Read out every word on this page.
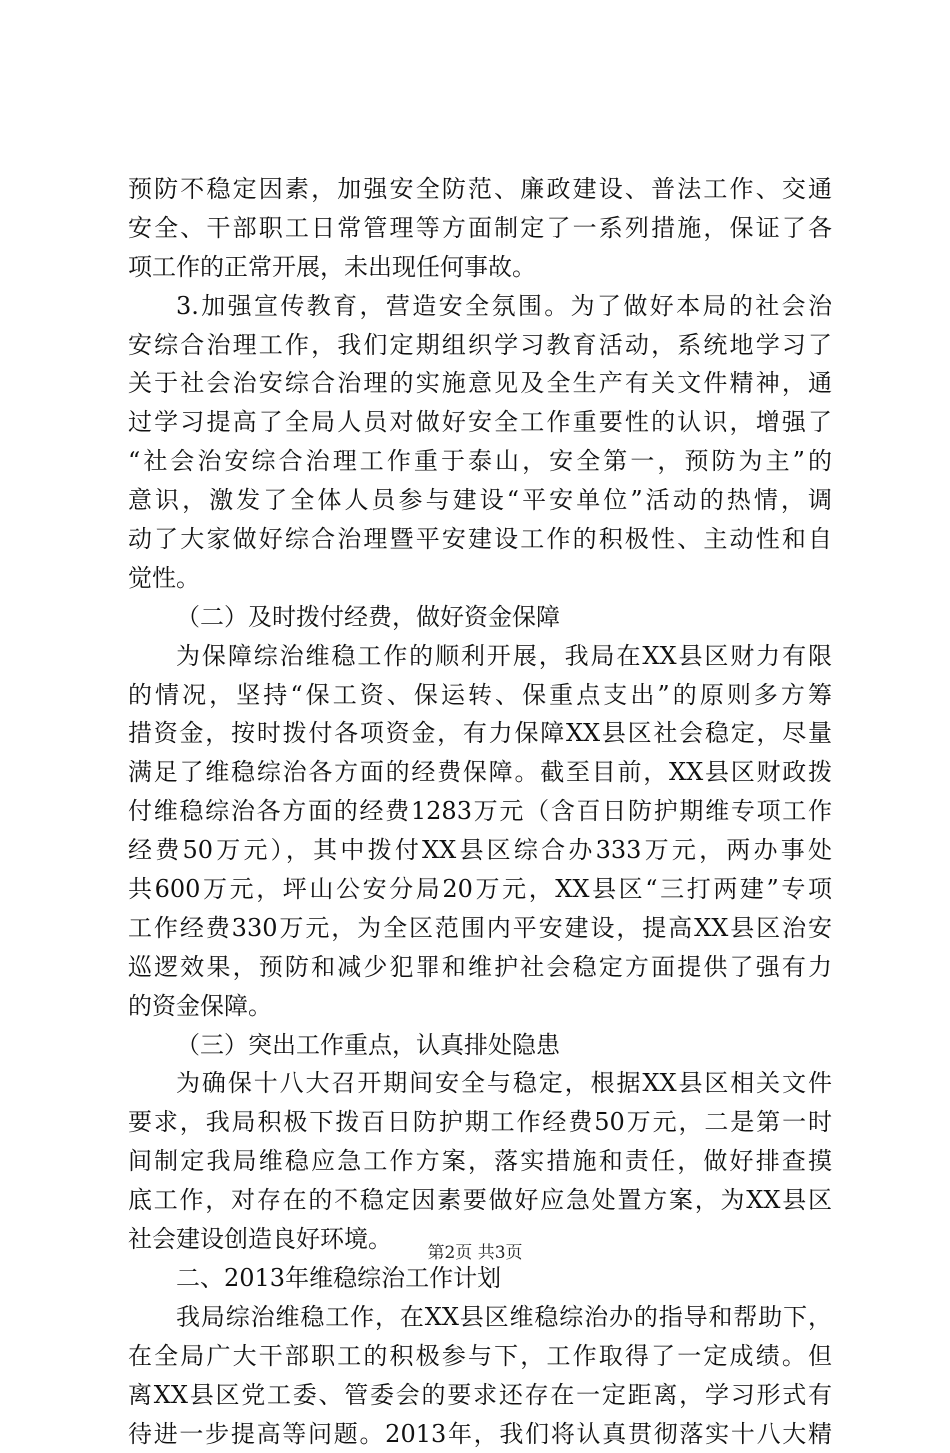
预防不稳定因素，加强安全防范、廉政建设、普法工作、交通
安全、干部职工日常管理等方面制定了一系列措施，保证了各
项工作的正常开展，未出现任何事故。
3.加强宣传教育，营造安全氛围。为了做好本局的社会治
安综合治理工作，我们定期组织学习教育活动，系统地学习了
关于社会治安综合治理的实施意见及全生产有关文件精神，通
过学习提高了全局人员对做好安全工作重要性的认识，增强了
“社会治安综合治理工作重于泰山，安全第一，预防为主”的
意识，激发了全体人员参与建设“平安单位”活动的热情，调
动了大家做好综合治理暨平安建设工作的积极性、主动性和自
觉性。
（二）及时拨付经费，做好资金保障
为保障综治维稳工作的顺利开展，我局在XX县区财力有限
的情况，坚持“保工资、保运转、保重点支出”的原则多方筹
措资金，按时拨付各项资金，有力保障XX县区社会稳定，尽量
满足了维稳综治各方面的经费保障。截至目前，XX县区财政拨
付维稳综治各方面的经费1283万元（含百日防护期维专项工作
经费50万元），其中拨付XX县区综合办333万元，两办事处
共600万元，坪山公安分局20万元，XX县区“三打两建”专项
工作经费330万元，为全区范围内平安建设，提高XX县区治安
巡逻效果，预防和减少犯罪和维护社会稳定方面提供了强有力
的资金保障。
（三）突出工作重点，认真排处隐患
为确保十八大召开期间安全与稳定，根据XX县区相关文件
要求，我局积极下拨百日防护期工作经费50万元，二是第一时
间制定我局维稳应急工作方案，落实措施和责任，做好排查摸
底工作，对存在的不稳定因素要做好应急处置方案，为XX县区
社会建设创造良好环境。
二、2013年维稳综治工作计划
我局综治维稳工作，在XX县区维稳综治办的指导和帮助下，
在全局广大干部职工的积极参与下，工作取得了一定成绩。但
离XX县区党工委、管委会的要求还存在一定距离，学习形式有
待进一步提高等问题。2013年，我们将认真贯彻落实十八大精
第2页 共3页
